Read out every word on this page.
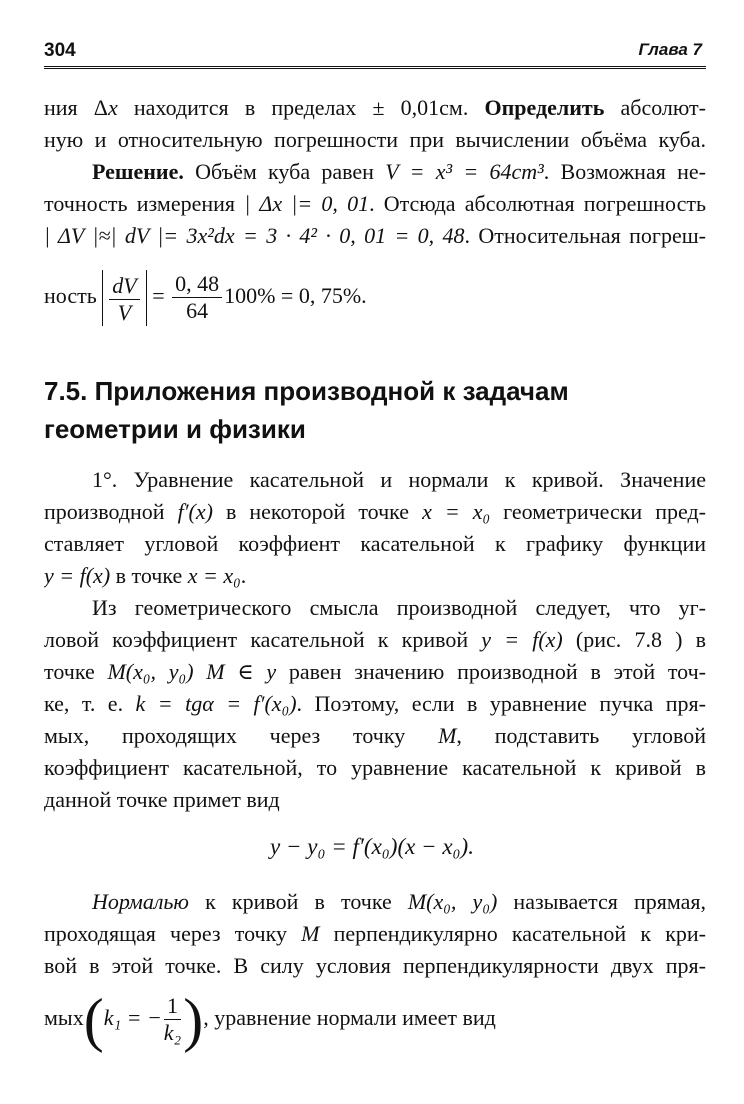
304	Глава 7
ния Δx находится в пределах ± 0,01см. Определить абсолют-
ную и относительную погрешности при вычислении объёма куба.
Решение. Объём куба равен V = x³ = 64cm³. Возможная не-
точность измерения | Δx |= 0, 01. Отсюда абсолютная погрешность
| ΔV |≈| dV |= 3x²dx = 3 · 4² · 0, 01 = 0, 48. Относительная погреш-
ность $\frac{dV}{V} = \frac{0, 48}{64} 100\% = 0$, 75%.
7.5. Приложения производной к задачам
геометрии и физики
1°. Уравнение касательной и нормали к кривой. Значение
производной f′(x) в некоторой точке x = x₀ геометрически пред-
ставляет угловой коэффиент касательной к графику функции
y = f(x) в точке x = x₀.
Из геометрического смысла производной следует, что уг-
ловой коэффициент касательной к кривой y = f(x) (рис. 7.8 ) в
точке M(x₀, y₀) M ∈ y равен значению производной в этой точ-
ке, т. е. k = tgα = f′(x₀). Поэтому, если в уравнение пучка пря-
мых, проходящих через точку M, подставить угловой
коэффициент касательной, то уравнение касательной к кривой в
данной точке примет вид
y − y₀ = f′(x₀)(x − x₀).
Нормалью к кривой в точке M(x₀, y₀) называется прямая,
проходящая через точку M перпендикулярно касательной к кри-
вой в этой точке. В силу условия перпендикулярности двух пря-
мых(k₁ = − $\frac{1}{\text{k₂}}$ ), уравнение нормали имеет вид
